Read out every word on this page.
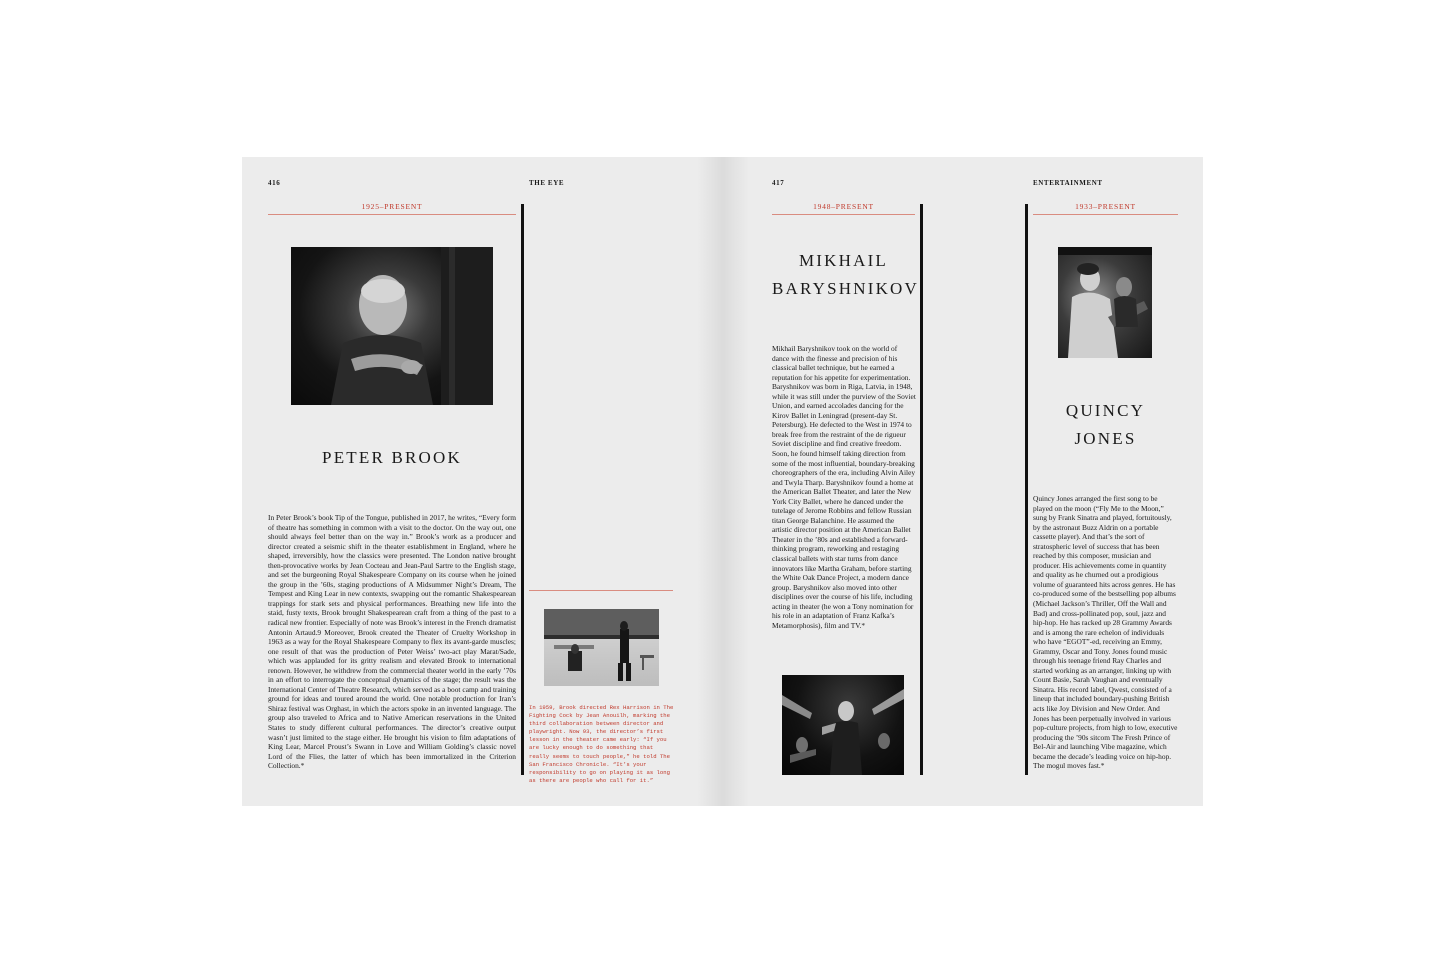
416	THE EYE
1925–PRESENT
PETER BROOK
In Peter Brook’s book Tip of the Tongue, published in 2017, he writes, “Every form of theatre has something in common with a visit to the doctor. On the way out, one should always feel better than on the way in.” Brook’s work as a producer and director created a seismic shift in the theater establishment in England, where he shaped, irreversibly, how the classics were presented. The London native brought then-provocative works by Jean Cocteau and Jean-Paul Sartre to the English stage, and set the burgeoning Royal Shakespeare Company on its course when he joined the group in the ’60s, staging productions of A Midsummer Night’s Dream, The Tempest and King Lear in new contexts, swapping out the romantic Shakespearean trappings for stark sets and physical performances. Breathing new life into the staid, fusty texts, Brook brought Shakespearean craft from a thing of the past to a radical new frontier. Especially of note was Brook’s interest in the French dramatist Antonin Artaud.9 Moreover, Brook created the Theater of Cruelty Workshop in 1963 as a way for the Royal Shakespeare Company to flex its avant-garde muscles; one result of that was the production of Peter Weiss’ two-act play Marat/Sade, which was applauded for its gritty realism and elevated Brook to international renown. However, he withdrew from the commercial theater world in the early ’70s in an effort to interrogate the conceptual dynamics of the stage; the result was the International Center of Theatre Research, which served as a boot camp and training ground for ideas and toured around the world. One notable production for Iran’s Shiraz festival was Orghast, in which the actors spoke in an invented language. The group also traveled to Africa and to Native American reservations in the United States to study different cultural performances. The director’s creative output wasn’t just limited to the stage either. He brought his vision to film adaptations of King Lear, Marcel Proust’s Swann in Love and William Golding’s classic novel Lord of the Flies, the latter of which has been immortalized in the Criterion Collection.*
In 1959, Brook directed Rex Harrison in The Fighting Cock by Jean Anouilh, marking the third collaboration between director and playwright. Now 93, the director’s first lesson in the theater came early: “If you are lucky enough to do something that really seems to touch people,” he told The San Francisco Chronicle. “It’s your responsibility to go on playing it as long as there are people who call for it.”
417	ENTERTAINMENT
1948–PRESENT
MIKHAIL
BARYSHNIKOV
Mikhail Baryshnikov took on the world of dance with the finesse and precision of his classical ballet technique, but he earned a reputation for his appetite for experimentation. Baryshnikov was born in Riga, Latvia, in 1948, while it was still under the purview of the Soviet Union, and earned accolades dancing for the Kirov Ballet in Leningrad (present-day St. Petersburg). He defected to the West in 1974 to break free from the restraint of the de rigueur Soviet discipline and find creative freedom. Soon, he found himself taking direction from some of the most influential, boundary-breaking choreographers of the era, including Alvin Ailey and Twyla Tharp. Baryshnikov found a home at the American Ballet Theater, and later the New York City Ballet, where he danced under the tutelage of Jerome Robbins and fellow Russian titan George Balanchine. He assumed the artistic director position at the American Ballet Theater in the ’80s and established a forward-thinking program, reworking and restaging classical ballets with star turns from dance innovators like Martha Graham, before starting the White Oak Dance Project, a modern dance group. Baryshnikov also moved into other disciplines over the course of his life, including acting in theater (he won a Tony nomination for his role in an adaptation of Franz Kafka’s Metamorphosis), film and TV.*
1933–PRESENT
QUINCY
JONES
Quincy Jones arranged the first song to be played on the moon (“Fly Me to the Moon,” sung by Frank Sinatra and played, fortuitously, by the astronaut Buzz Aldrin on a portable cassette player). And that’s the sort of stratospheric level of success that has been reached by this composer, musician and producer. His achievements come in quantity and quality as he churned out a prodigious volume of guaranteed hits across genres. He has co-produced some of the bestselling pop albums (Michael Jackson’s Thriller, Off the Wall and Bad) and cross-pollinated pop, soul, jazz and hip-hop. He has racked up 28 Grammy Awards and is among the rare echelon of individuals who have “EGOT”-ed, receiving an Emmy, Grammy, Oscar and Tony. Jones found music through his teenage friend Ray Charles and started working as an arranger, linking up with Count Basie, Sarah Vaughan and eventually Sinatra. His record label, Qwest, consisted of a lineup that included boundary-pushing British acts like Joy Division and New Order. And Jones has been perpetually involved in various pop-culture projects, from high to low, executive producing the ’90s sitcom The Fresh Prince of Bel-Air and launching Vibe magazine, which became the decade’s leading voice on hip-hop. The mogul moves fast.*
